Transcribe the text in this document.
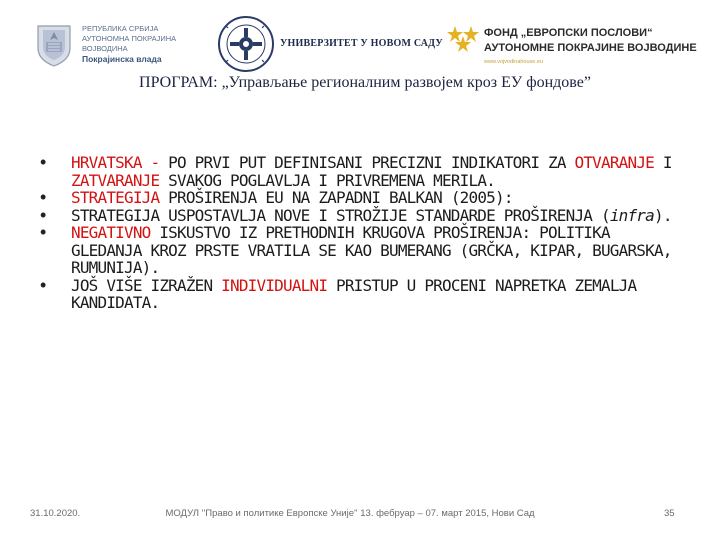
РЕПУБЛИКА СРБИЈА
АУТОНОМНА ПОКРАЈИНА ВОЈВОДИНА
Покрајинска влада
УНИВЕРЗИТЕТ У НОВОМ САДУ
ФОНД „ЕВРОПСКИ ПОСЛОВИ“
АУТОНОМНЕ ПОКРАЈИНЕ ВОЈВОДИНЕ
www.vojvodinahouse.eu
ПРОГРАМ: „Управљање регионалним развојем кроз ЕУ фондове”
• HRVATSKA - PO PRVI PUT DEFINISANI PRECIZNI INDIKATORI ZA OTVARANJE I ZATVARANJE SVAKOG POGLAVLJA I PRIVREMENA MERILA.
• STRATEGIJA PROŠIRENJA EU NA ZAPADNI BALKAN (2005):
• STRATEGIJA USPOSTAVLJA NOVE I STROŽIJE STANDARDE PROŠIRENJA (infra).
• NEGATIVNO ISKUSTVO IZ PRETHODNIH KRUGOVA PROŠIRENJA: POLITIKA GLEDANJA KROZ PRSTE VRATILA SE KAO BUMERANG (GRČKA, KIPAR, BUGARSKA, RUMUNIJA).
• JOŠ VIŠE IZRAŽEN INDIVIDUALNI PRISTUP U PROCENI NAPRETKA ZEMALJA KANDIDATA.
31.10.2020.	МОДУЛ ''Право и политике Европске Уније'' 13. фебруар – 07. март 2015, Нови Сад	35
